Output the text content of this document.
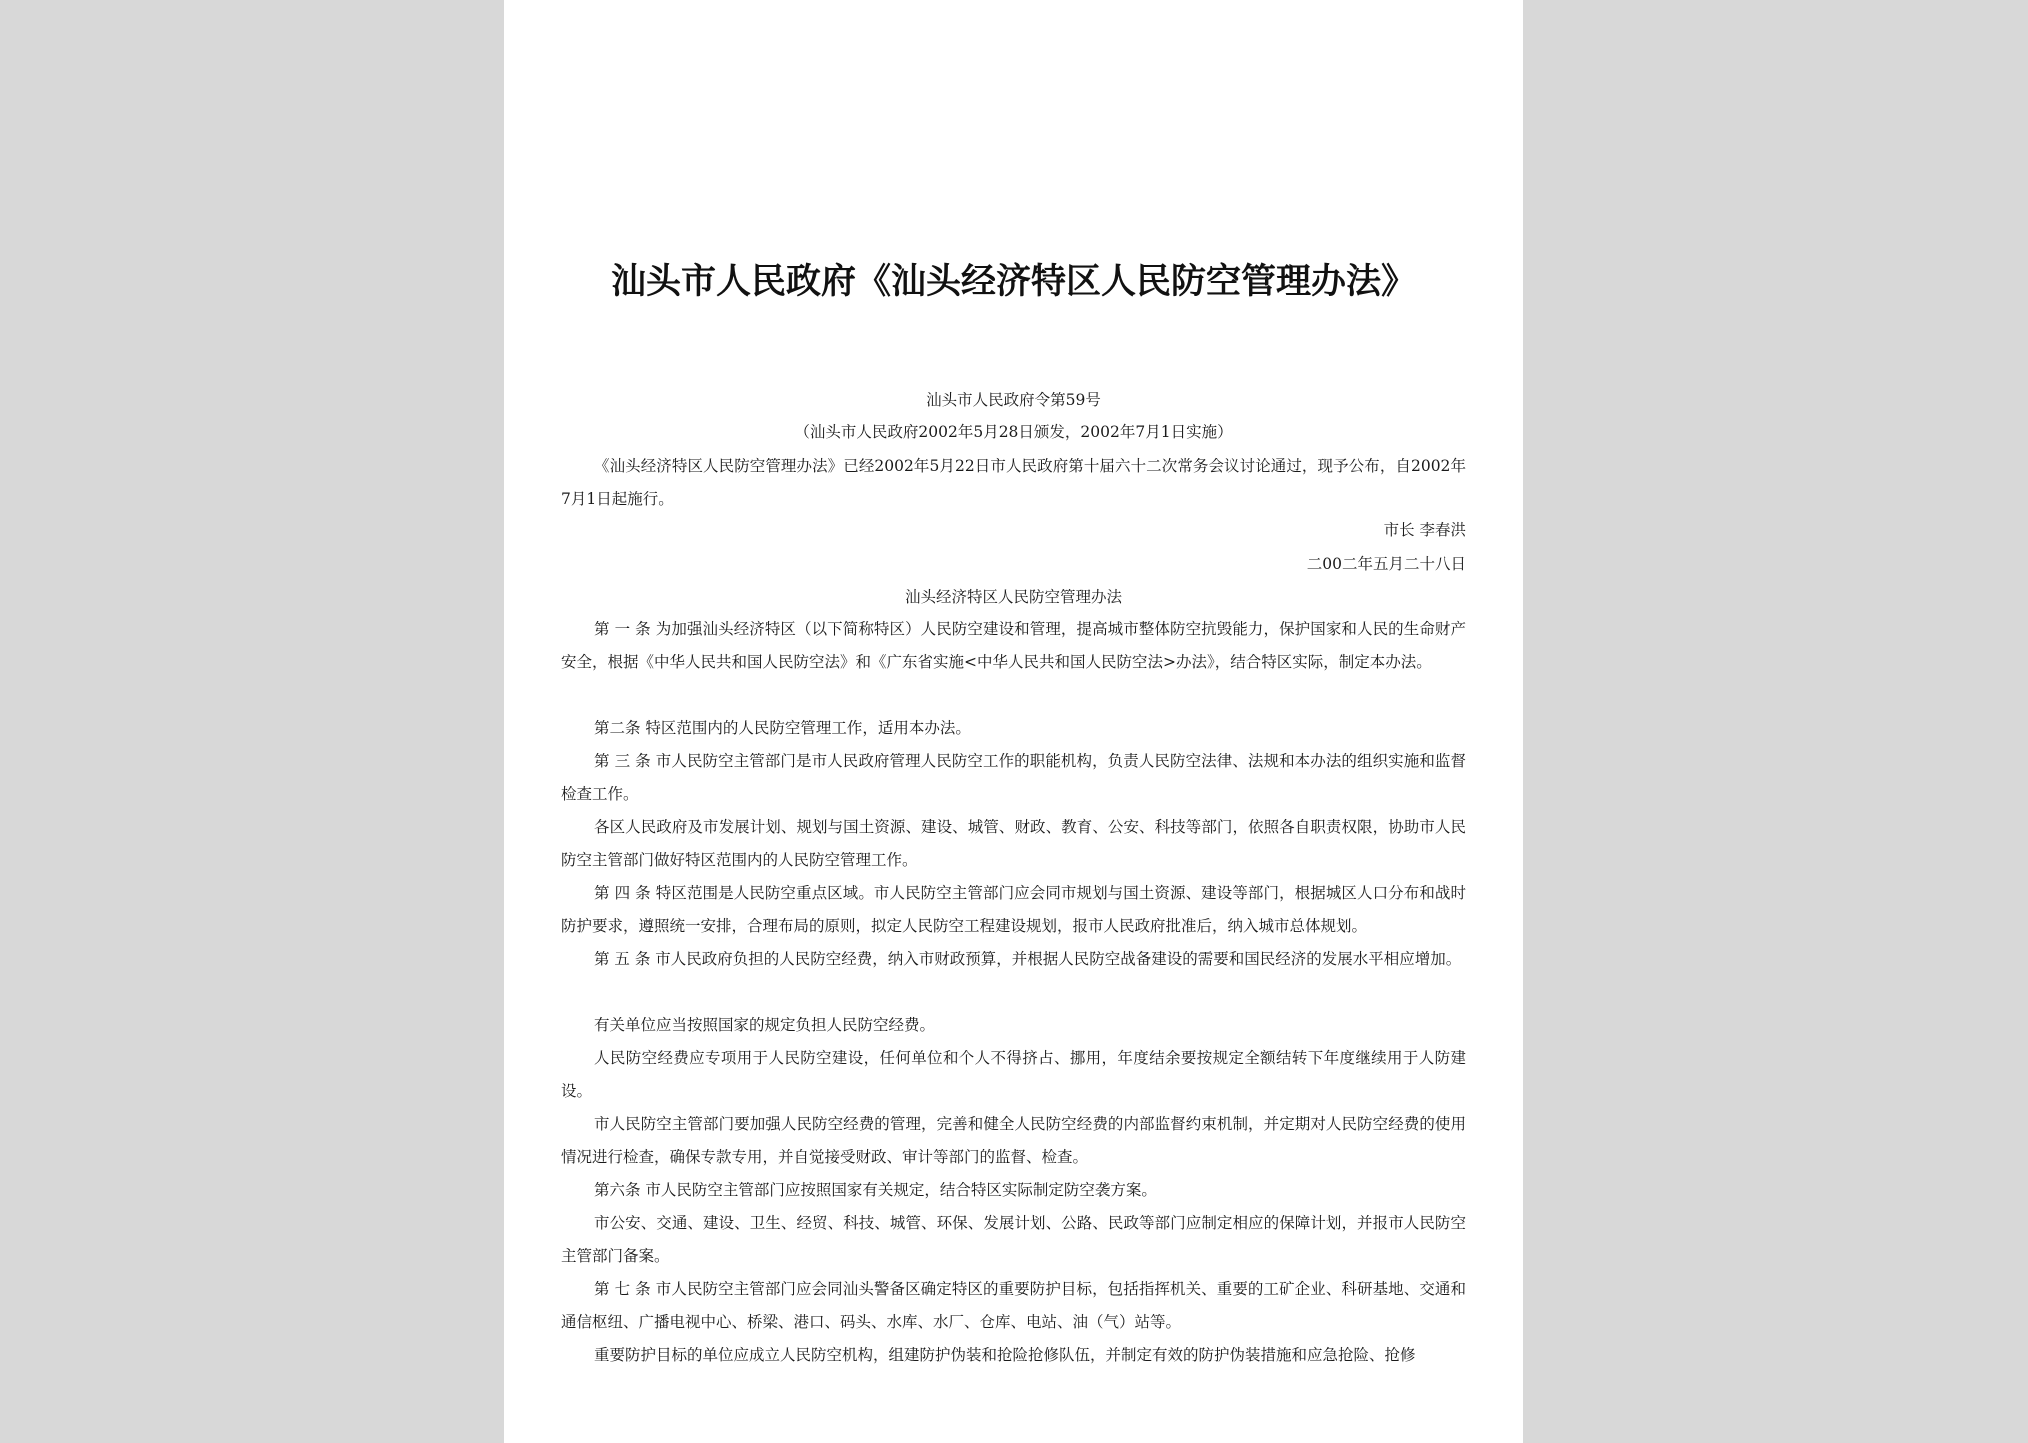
汕头市人民政府《汕头经济特区人民防空管理办法》
汕头市人民政府令第59号
（汕头市人民政府2002年5月28日颁发，2002年7月1日实施）

《汕头经济特区人民防空管理办法》已经2002年5月22日市人民政府第十届六十二次常务会议讨论通过，现予公布，自2002年7月1日起施行。

市长 李春洪
二00二年五月二十八日
汕头经济特区人民防空管理办法

第 一 条 为加强汕头经济特区（以下简称特区）人民防空建设和管理，提高城市整体防空抗毁能力，保护国家和人民的生命财产安全，根据《中华人民共和国人民防空法》和《广东省实施<中华人民共和国人民防空法>办法》，结合特区实际，制定本办法。

第二条 特区范围内的人民防空管理工作，适用本办法。

第 三 条 市人民防空主管部门是市人民政府管理人民防空工作的职能机构，负责人民防空法律、法规和本办法的组织实施和监督检查工作。

各区人民政府及市发展计划、规划与国土资源、建设、城管、财政、教育、公安、科技等部门，依照各自职责权限，协助市人民防空主管部门做好特区范围内的人民防空管理工作。

第 四 条 特区范围是人民防空重点区域。市人民防空主管部门应会同市规划与国土资源、建设等部门，根据城区人口分布和战时防护要求，遵照统一安排，合理布局的原则，拟定人民防空工程建设规划，报市人民政府批准后，纳入城市总体规划。

第 五 条 市人民政府负担的人民防空经费，纳入市财政预算，并根据人民防空战备建设的需要和国民经济的发展水平相应增加。

有关单位应当按照国家的规定负担人民防空经费。

人民防空经费应专项用于人民防空建设，任何单位和个人不得挤占、挪用，年度结余要按规定全额结转下年度继续用于人防建设。

市人民防空主管部门要加强人民防空经费的管理，完善和健全人民防空经费的内部监督约束机制，并定期对人民防空经费的使用情况进行检查，确保专款专用，并自觉接受财政、审计等部门的监督、检查。

第六条 市人民防空主管部门应按照国家有关规定，结合特区实际制定防空袭方案。

市公安、交通、建设、卫生、经贸、科技、城管、环保、发展计划、公路、民政等部门应制定相应的保障计划，并报市人民防空主管部门备案。

第 七 条 市人民防空主管部门应会同汕头警备区确定特区的重要防护目标，包括指挥机关、重要的工矿企业、科研基地、交通和通信枢纽、广播电视中心、桥梁、港口、码头、水库、水厂、仓库、电站、油（气）站等。

重要防护目标的单位应成立人民防空机构，组建防护伪装和抢险抢修队伍，并制定有效的防护伪装措施和应急抢险、抢修
